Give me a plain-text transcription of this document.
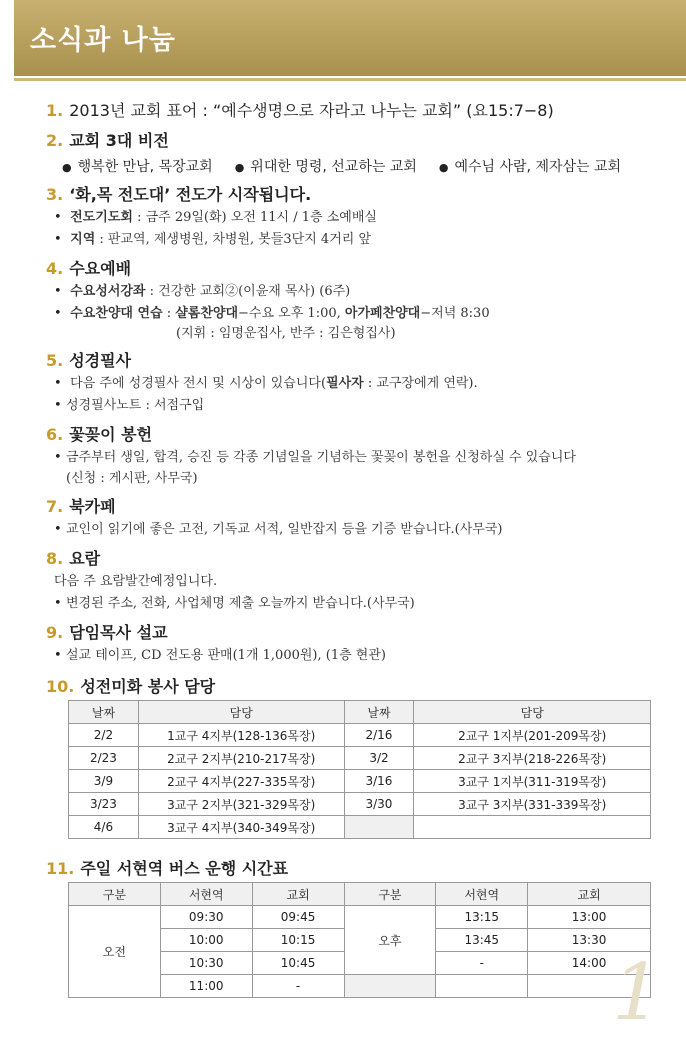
소식과 나눔
1. 2013년 교회 표어 : “예수생명으로 자라고 나누는 교회” (요15:7−8)
2. 교회 3대 비전
● 행복한 만남, 목장교회	● 위대한 명령, 선교하는 교회	● 예수님 사람, 제자삼는 교회
3. ‘화,목 전도대’ 전도가 시작됩니다.
• 전도기도회 : 금주 29일(화) 오전 11시 / 1층 소예배실
• 지역 : 판교역, 제생병원, 차병원, 봇들3단지 4거리 앞
4. 수요예배
• 수요성서강좌 : 건강한 교회②(이윤재 목사) (6주)
• 수요찬양대 연습 : 샬롬찬양대−수요 오후 1:00, 아가페찬양대−저녁 8:30
(지휘 : 임명운집사, 반주 : 김은형집사)
5. 성경필사
• 다음 주에 성경필사 전시 및 시상이 있습니다(필사자 : 교구장에게 연락).
• 성경필사노트 : 서점구입
6. 꽃꽂이 봉헌
• 금주부터 생일, 합격, 승진 등 각종 기념일을 기념하는 꽃꽂이 봉헌을 신청하실 수 있습니다
(신청 : 게시판, 사무국)
7. 북카페
• 교인이 읽기에 좋은 고전, 기독교 서적, 일반잡지 등을 기증 받습니다.(사무국)
8. 요람
다음 주 요람발간예정입니다.
• 변경된 주소, 전화, 사업체명 제출 오늘까지 받습니다.(사무국)
9. 담임목사 설교
• 설교 테이프, CD 전도용 판매(1개 1,000원), (1층 현관)
10. 성전미화 봉사 담당
날짜	담당	날짜	담당
2/2	1교구 4지부(128-136목장)	2/16	2교구 1지부(201-209목장)
2/23	2교구 2지부(210-217목장)	3/2	2교구 3지부(218-226목장)
3/9	2교구 4지부(227-335목장)	3/16	3교구 1지부(311-319목장)
3/23	3교구 2지부(321-329목장)	3/30	3교구 3지부(331-339목장)
4/6	3교구 4지부(340-349목장)		
11. 주일 서현역 버스 운행 시간표
구분	서현역	교회	구분	서현역	교회
오전	09:30	09:45	오후	13:15	13:00
	10:00	10:15		13:45	13:30
	10:30	10:45		-	14:00
	11:00	-				1
